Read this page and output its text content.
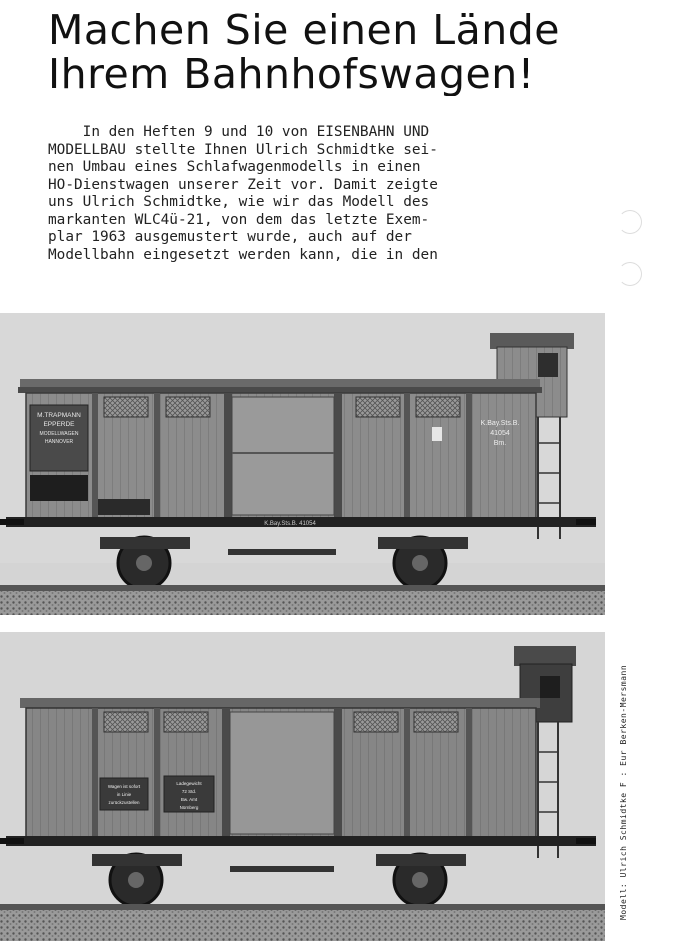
Machen Sie einen Lände
Ihrem Bahnhofswagen!
In den Heften 9 und 10 von EISENBAHN UND
MODELLBAU stellte Ihnen Ulrich Schmidtke sei-
nen Umbau eines Schlafwagenmodells in einen
HO-Dienstwagen unserer Zeit vor. Damit zeigte
uns Ulrich Schmidtke, wie wir das Modell des
markanten WLC4ü-21, von dem das letzte Exem-
plar 1963 ausgemustert wurde, auch auf der
Modellbahn eingesetzt werden kann, die in den
M.TRAPMANN
EPPERDE
MODELLWAGEN
HANNOVER
K.Bay.Sts.B.
41054
Bm.
K.Bay.Sts.B. 41054
Wagen ist sofort
in Linie
zurückzustellen
Ladegewicht
72 Std.
Bw. Amt
Nürnberg	Modell: Ulrich Schmidtke F : Eur Berken-Mersmann
